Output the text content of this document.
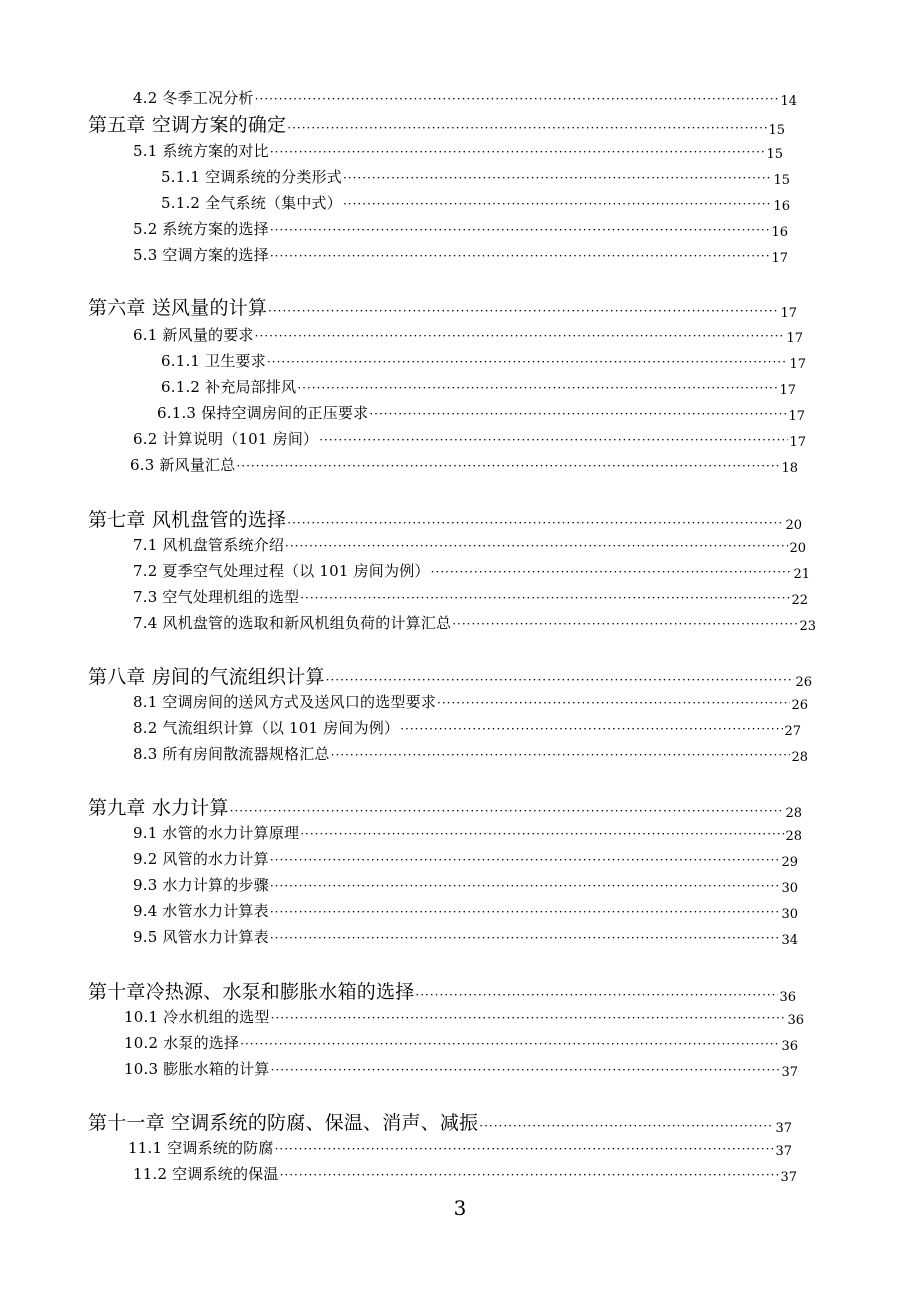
4.2 冬季工况分析 ·····	14
第五章 空调方案的确定 ·····	15
5.1 系统方案的对比 ·····	15
5.1.1 空调系统的分类形式 ·····	15
5.1.2 全气系统（集中式） ·····	16
5.2 系统方案的选择 ·····	16
5.3 空调方案的选择 ·····	17
第六章 送风量的计算 ·····	17
6.1 新风量的要求 ·····	17
6.1.1 卫生要求 ·····	17
6.1.2 补充局部排风 ·····	17
6.1.3 保持空调房间的正压要求 ·····	17
6.2 计算说明（101 房间） ·····	17
6.3 新风量汇总 ·····	18
第七章 风机盘管的选择 ·····	20
7.1 风机盘管系统介绍 ·····	20
7.2 夏季空气处理过程（以 101 房间为例） ·····	21
7.3 空气处理机组的选型 ·····	22
7.4 风机盘管的选取和新风机组负荷的计算汇总 ·····	23
第八章 房间的气流组织计算 ·····	26
8.1 空调房间的送风方式及送风口的选型要求 ·····	26
8.2 气流组织计算（以 101 房间为例） ·····	27
8.3 所有房间散流器规格汇总 ·····	28
第九章 水力计算 ·····	28
9.1 水管的水力计算原理 ·····	28
9.2 风管的水力计算 ·····	29
9.3 水力计算的步骤 ·····	30
9.4 水管水力计算表 ·····	30
9.5 风管水力计算表 ·····	34
第十章冷热源、水泵和膨胀水箱的选择 ·····	36
10.1 冷水机组的选型 ·····	36
10.2 水泵的选择 ·····	36
10.3 膨胀水箱的计算 ·····	37
第十一章 空调系统的防腐、保温、消声、减振 ·····	37
11.1 空调系统的防腐 ·····	37
11.2 空调系统的保温 ·····	37
3
